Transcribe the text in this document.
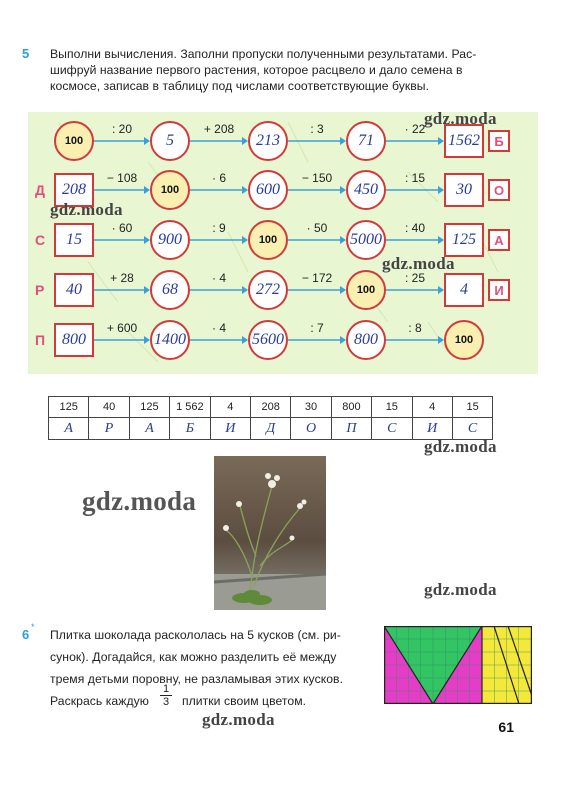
5 Выполни вычисления. Заполни пропуски полученными результатами. Рас-
шифруй название первого растения, которое расцвело и дало семена в
космосе, записав в таблицу под числами соответствующие буквы.
100	5	213	71	1562
: 20	+ 208	: 3	· 22
Б
208	100	600	450	30
− 108	· 6	− 150	: 15
Д	О
15	900	100	5000	125
· 60	: 9	· 50	: 40
С	А
40	68	272	100	4
+ 28	· 4	− 172	: 25
Р	И
800	1400	5600	800	100
+ 600	· 4	: 7	: 8
П
125	40	125	1 562	4	208	30	800	15	4	15
А	Р	А	Б	И	Д	О	П	С	И	С
6 *
Плитка шоколада раскололась на 5 кусков (см. ри-
сунок). Догадайся, как можно разделить её между
тремя детьми поровну, не разламывая этих кусков.
Раскрась каждую $\frac{1}{3}$ плитки своим цветом.
gdz.moda
gdz.moda
gdz.moda
gdz.moda
gdz.moda
gdz.moda
gdz.moda	61
